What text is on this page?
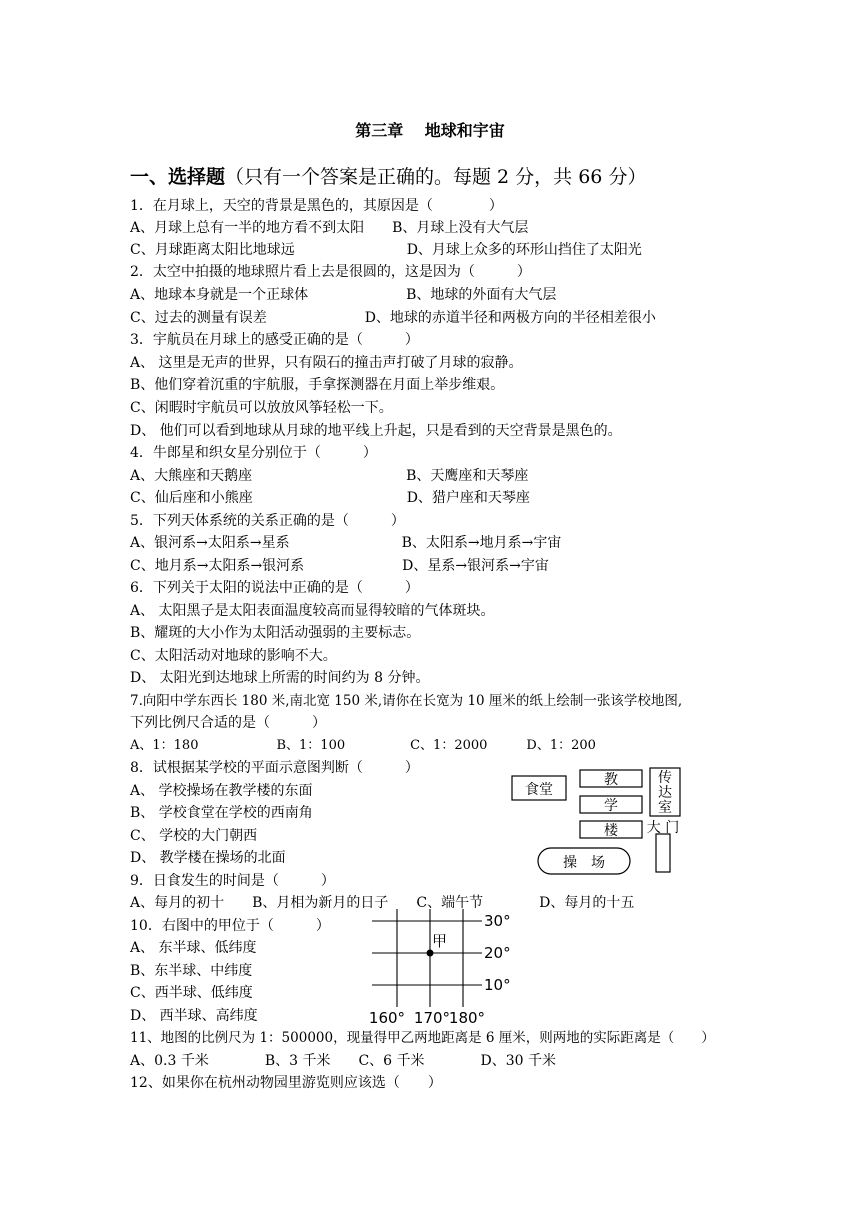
第三章　 地球和宇宙
一、选择题（只有一个答案是正确的。每题 2 分，共 66 分）
1．在月球上，天空的背景是黑色的，其原因是（　　　　）
A、月球上总有一半的地方看不到太阳　　B、月球上没有大气层
C、月球距离太阳比地球远　　　　　　　　D、月球上众多的环形山挡住了太阳光
2．太空中拍摄的地球照片看上去是很圆的，这是因为（　　　）
A、地球本身就是一个正球体　　　　　　　B、地球的外面有大气层
C、过去的测量有误差　　　　　　　D、地球的赤道半径和两极方向的半径相差很小
3．宇航员在月球上的感受正确的是（　　　）
A、 这里是无声的世界，只有陨石的撞击声打破了月球的寂静。
B、他们穿着沉重的宇航服，手拿探测器在月面上举步维艰。
C、闲暇时宇航员可以放放风筝轻松一下。
D、 他们可以看到地球从月球的地平线上升起，只是看到的天空背景是黑色的。
4．牛郎星和织女星分别位于（　　　）
A、大熊座和天鹅座　　　　　　　　　　　B、天鹰座和天琴座
C、仙后座和小熊座　　　　　　　　　　　D、猎户座和天琴座
5．下列天体系统的关系正确的是（　　　）
A、银河系→太阳系→星系　　　　　　　　B、太阳系→地月系→宇宙
C、地月系→太阳系→银河系　　　　　　　D、星系→银河系→宇宙
6．下列关于太阳的说法中正确的是（　　　）
A、 太阳黑子是太阳表面温度较高而显得较暗的气体斑块。
B、耀斑的大小作为太阳活动强弱的主要标志。
C、太阳活动对地球的影响不大。
D、 太阳光到达地球上所需的时间约为 8 分钟。
7.向阳中学东西长 180 米,南北宽 150 米,请你在长宽为 10 厘米的纸上绘制一张该学校地图,
下列比例尺合适的是（　　　）
A、1：180　　　　　　B、1：100　　　　　C、1：2000　　　D、1：200
8．试根据某学校的平面示意图判断（　　　）
A、 学校操场在教学楼的东面
B、 学校食堂在学校的西南角
C、 学校的大门朝西
D、 教学楼在操场的北面
9．日食发生的时间是（　　　）
A、每月的初十　　B、月相为新月的日子　　C、端午节　　　　D、每月的十五
10．右图中的甲位于（　　　）
A、 东半球、低纬度
B、东半球、中纬度
C、西半球、低纬度
D、 西半球、高纬度
11、地图的比例尺为 1：500000，现量得甲乙两地距离是 6 厘米，则两地的实际距离是（　　）
A、0.3 千米　　　　B、3 千米　　C、6 千米　　　　D、30 千米
12、如果你在杭州动物园里游览则应该选（　　）
食堂
教
学
楼
传
达
室
大 门
操　场
甲
30°
20°
10°
160° 170°
180°
